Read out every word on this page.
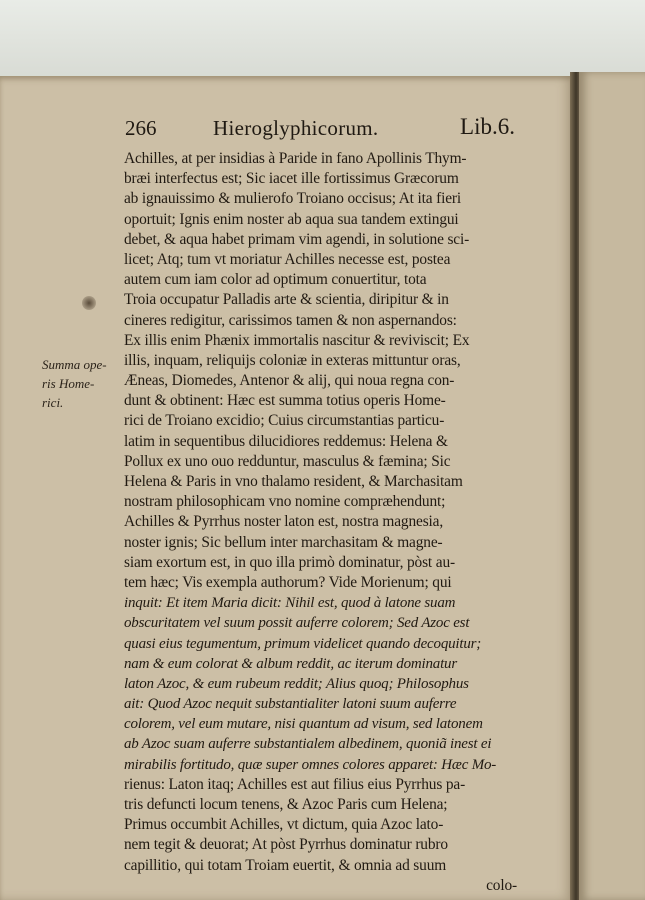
266	Hieroglyphicorum.	Lib.6.
Summa ope-
ris Home-
rici.
Achilles, at per insidias à Paride in fano Apollinis Thym-
bræi interfectus est; Sic iacet ille fortissimus Græcorum
ab ignauissimo & mulierofo Troiano occisus; At ita fieri
oportuit; Ignis enim noster ab aqua sua tandem extingui
debet, & aqua habet primam vim agendi, in solutione sci-
licet; Atq; tum vt moriatur Achilles necesse est, postea
autem cum iam color ad optimum conuertitur, tota
Troia occupatur Palladis arte & scientia, diripitur & in
cineres redigitur, carissimos tamen & non aspernandos:
Ex illis enim Phænix immortalis nascitur & reviviscit; Ex
illis, inquam, reliquijs coloniæ in exteras mittuntur oras,
Æneas, Diomedes, Antenor & alij, qui noua regna con-
dunt & obtinent: Hæc est summa totius operis Home-
rici de Troiano excidio; Cuius circumstantias particu-
latim in sequentibus dilucidiores reddemus: Helena &
Pollux ex uno ouo redduntur, masculus & fæmina; Sic
Helena & Paris in vno thalamo resident, & Marchasitam
nostram philosophicam vno nomine compræhendunt;
Achilles & Pyrrhus noster laton est, nostra magnesia,
noster ignis; Sic bellum inter marchasitam & magne-
siam exortum est, in quo illa primò dominatur, pòst au-
tem hæc; Vis exempla authorum? Vide Morienum; qui
inquit: Et item Maria dicit: Nihil est, quod à latone suam
obscuritatem vel suum possit auferre colorem; Sed Azoc est
quasi eius tegumentum, primum videlicet quando decoquitur;
nam & eum colorat & album reddit, ac iterum dominatur
laton Azoc, & eum rubeum reddit; Alius quoq; Philosophus
ait: Quod Azoc nequit substantialiter latoni suum auferre
colorem, vel eum mutare, nisi quantum ad visum, sed latonem
ab Azoc suam auferre substantialem albedinem, quoniã inest ei
mirabilis fortitudo, quæ super omnes colores apparet: Hæc Mo-
rienus: Laton itaq; Achilles est aut filius eius Pyrrhus pa-
tris defuncti locum tenens, & Azoc Paris cum Helena;
Primus occumbit Achilles, vt dictum, quia Azoc lato-
nem tegit & deuorat; At pòst Pyrrhus dominatur rubro
capillitio, qui totam Troiam euertit, & omnia ad suum
colo-
